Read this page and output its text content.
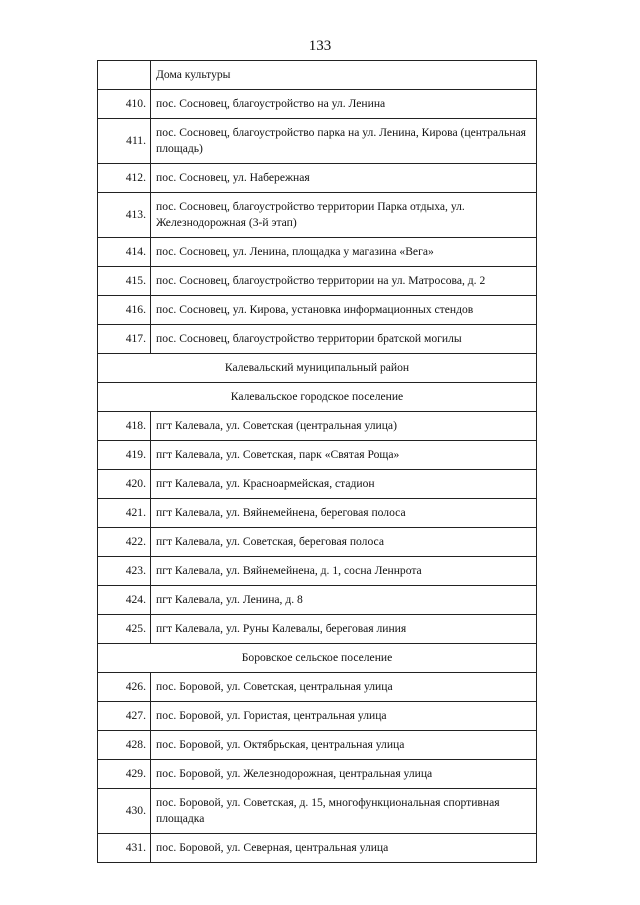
133
	Дома культуры
410.	пос. Сосновец, благоустройство на ул. Ленина
411.	пос. Сосновец, благоустройство парка на ул. Ленина, Кирова (центральная площадь)
412.	пос. Сосновец, ул. Набережная
413.	пос. Сосновец, благоустройство территории Парка отдыха, ул. Железнодорожная (3-й этап)
414.	пос. Сосновец, ул. Ленина, площадка у магазина «Вега»
415.	пос. Сосновец, благоустройство территории на ул. Матросова, д. 2
416.	пос. Сосновец, ул. Кирова, установка информационных стендов
417.	пос. Сосновец, благоустройство территории братской могилы
Калевальский муниципальный район	
Калевальское городское поселение	
418.	пгт Калевала, ул. Советская (центральная улица)
419.	пгт Калевала, ул. Советская, парк «Святая Роща»
420.	пгт Калевала, ул. Красноармейская, стадион
421.	пгт Калевала, ул. Вяйнемейнена, береговая полоса
422.	пгт Калевала, ул. Советская, береговая полоса
423.	пгт Калевала, ул. Вяйнемейнена, д. 1, сосна Леннрота
424.	пгт Калевала, ул. Ленина, д. 8
425.	пгт Калевала, ул. Руны Калевалы, береговая линия
Боровское сельское поселение	
426.	пос. Боровой, ул. Советская, центральная улица
427.	пос. Боровой, ул. Гористая, центральная улица
428.	пос. Боровой, ул. Октябрьская, центральная улица
429.	пос. Боровой, ул. Железнодорожная, центральная улица
430.	пос. Боровой, ул. Советская, д. 15, многофункциональная спортивная площадка
431.	пос. Боровой, ул. Северная, центральная улица
